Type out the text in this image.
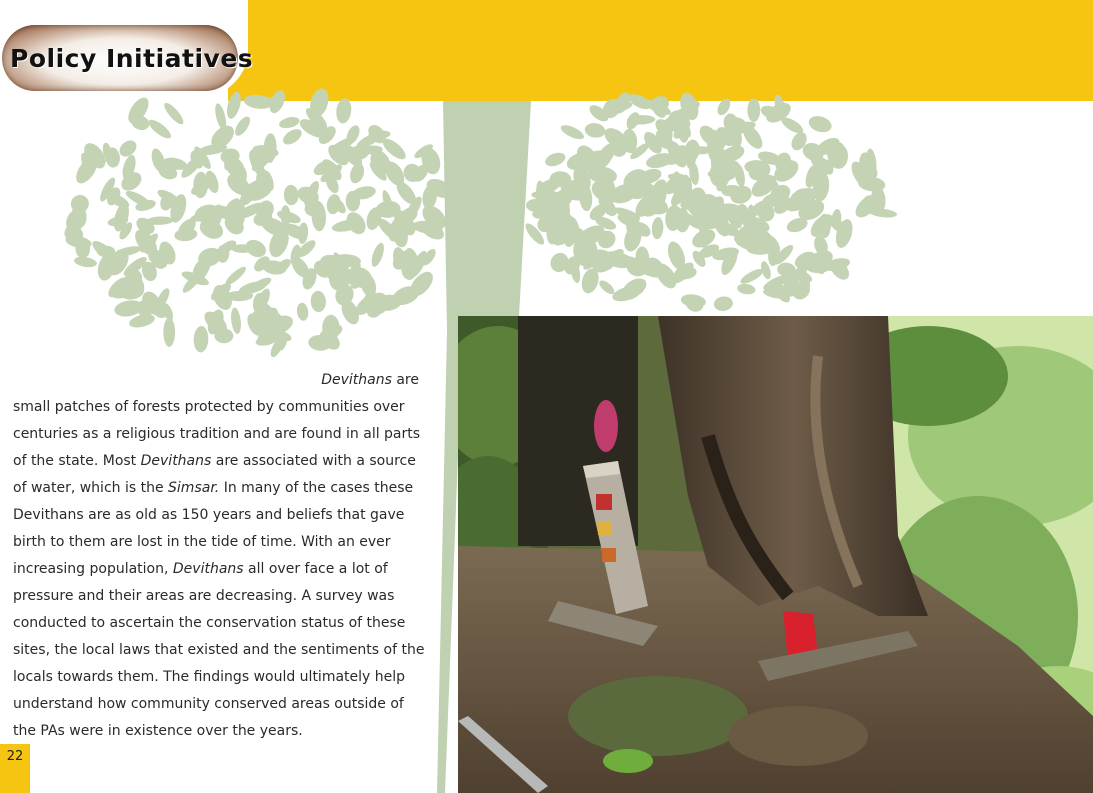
Policy Initiatives

Devithans are
small patches of forests protected by communities over centuries as a religious tradition and are found in all parts of the state. Most Devithans are associated with a source of water, which is the Simsar. In many of the cases these Devithans are as old as 150 years and beliefs that gave birth to them are lost in the tide of time. With an ever increasing population, Devithans all over face a lot of pressure and their areas are decreasing. A survey was conducted to ascertain the conservation status of these sites, the local laws that existed and the sentiments of the locals towards them. The findings would ultimately help understand how community conserved areas outside of the PAs were in existence over the years.

22
